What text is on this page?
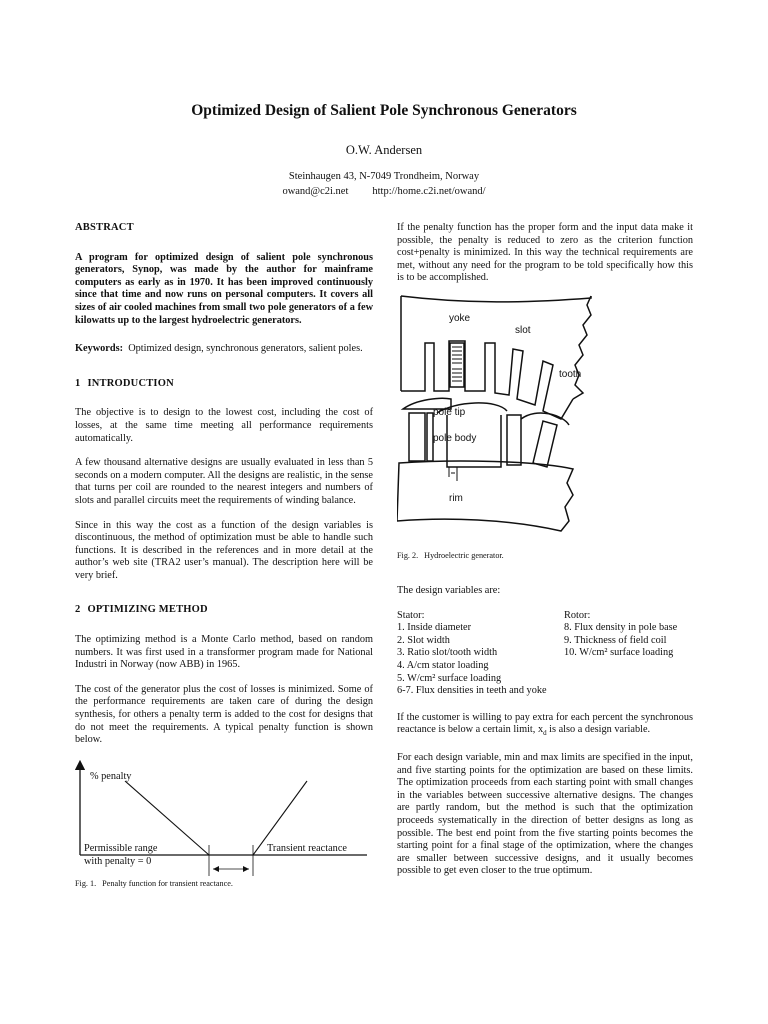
Optimized Design of Salient Pole Synchronous Generators
O.W. Andersen
Steinhaugen 43, N-7049 Trondheim, Norway
owand@c2i.net http://home.c2i.net/owand/
ABSTRACT

A program for optimized design of salient pole synchronous generators, Synop, was made by the author for mainframe computers as early as in 1970. It has been improved continuously since that time and now runs on personal computers. It covers all sizes of air cooled machines from small two pole generators of a few kilowatts up to the largest hydroelectric generators.

Keywords: Optimized design, synchronous generators, salient poles.

1 INTRODUCTION

The objective is to design to the lowest cost, including the cost of losses, at the same time meeting all performance requirements automatically.

A few thousand alternative designs are usually evaluated in less than 5 seconds on a modern computer. All the designs are realistic, in the sense that turns per coil are rounded to the nearest integers and numbers of slots and parallel circuits meet the requirements of winding balance.

Since in this way the cost as a function of the design variables is discontinuous, the method of optimization must be able to handle such functions. It is described in the references and in more detail at the author’s web site (TRA2 user’s manual). The description here will be very brief.

2 OPTIMIZING METHOD

The optimizing method is a Monte Carlo method, based on random numbers. It was first used in a transformer program made for National Industri in Norway (now ABB) in 1965.

The cost of the generator plus the cost of losses is minimized. Some of the performance requirements are taken care of during the design synthesis, for others a penalty term is added to the cost for designs that do not meet the requirements. A typical penalty function is shown below.

% penalty
Permissible range
with penalty = 0
Transient reactance
Fig. 1. Penalty function for transient reactance.

If the penalty function has the proper form and the input data make it possible, the penalty is reduced to zero as the criterion function cost+penalty is minimized. In this way the technical requirements are met, without any need for the program to be told specifically how this is to be accomplished.

yoke
slot
tooth
pole tip
pole body
rim
Fig. 2. Hydroelectric generator.

The design variables are:

Stator:	Rotor:
1. Inside diameter	8. Flux density in pole base
2. Slot width	9. Thickness of field coil
3. Ratio slot/tooth width	10. W/cm² surface loading
4. A/cm stator loading	
5. W/cm² surface loading	
6-7. Flux densities in teeth and yoke	

If the customer is willing to pay extra for each percent the synchronous reactance is below a certain limit, $x_d$ is also a design variable.

For each design variable, min and max limits are specified in the input, and five starting points for the optimization are based on these limits. The optimization proceeds from each starting point with small changes in the variables between successive alternative designs. The changes are partly random, but the method is such that the optimization proceeds systematically in the direction of better designs as long as possible. The best end point from the five starting points becomes the starting point for a final stage of the optimization, where the changes are smaller between successive designs, and it usually becomes possible to get even closer to the true optimum.
